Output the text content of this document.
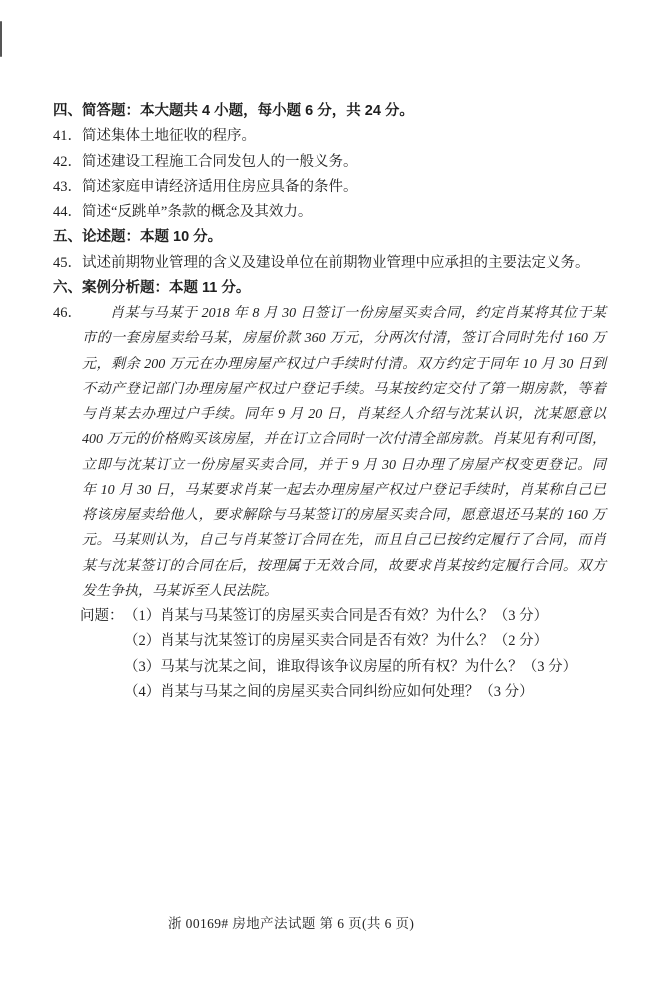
四、简答题：本大题共 4 小题，每小题 6 分，共 24 分。
41． 简述集体土地征收的程序。
42． 简述建设工程施工合同发包人的一般义务。
43． 简述家庭申请经济适用住房应具备的条件。
44． 简述“反跳单”条款的概念及其效力。
五、论述题：本题 10 分。
45． 试述前期物业管理的含义及建设单位在前期物业管理中应承担的主要法定义务。
六、案例分析题：本题 11 分。
46．	肖某与马某于 2018 年 8 月 30 日签订一份房屋买卖合同，约定肖某将其位于某
市的一套房屋卖给马某，房屋价款 360 万元，分两次付清，签订合同时先付 160 万
元，剩余 200 万元在办理房屋产权过户手续时付清。双方约定于同年 10 月 30 日到
不动产登记部门办理房屋产权过户登记手续。马某按约定交付了第一期房款，等着
与肖某去办理过户手续。同年 9 月 20 日，肖某经人介绍与沈某认识，沈某愿意以
400 万元的价格购买该房屋，并在订立合同时一次付清全部房款。肖某见有利可图，
立即与沈某订立一份房屋买卖合同，并于 9 月 30 日办理了房屋产权变更登记。同
年 10 月 30 日，马某要求肖某一起去办理房屋产权过户登记手续时，肖某称自己已
将该房屋卖给他人，要求解除与马某签订的房屋买卖合同，愿意退还马某的 160 万
元。马某则认为，自己与肖某签订合同在先，而且自己已按约定履行了合同，而肖
某与沈某签订的合同在后，按理属于无效合同，故要求肖某按约定履行合同。双方
发生争执，马某诉至人民法院。
问题： （1）肖某与马某签订的房屋买卖合同是否有效？为什么？（3 分）
（2）肖某与沈某签订的房屋买卖合同是否有效？为什么？（2 分）
（3）马某与沈某之间，谁取得该争议房屋的所有权？为什么？（3 分）
（4）肖某与马某之间的房屋买卖合同纠纷应如何处理？（3 分）
浙 00169# 房地产法试题 第 6 页(共 6 页)
